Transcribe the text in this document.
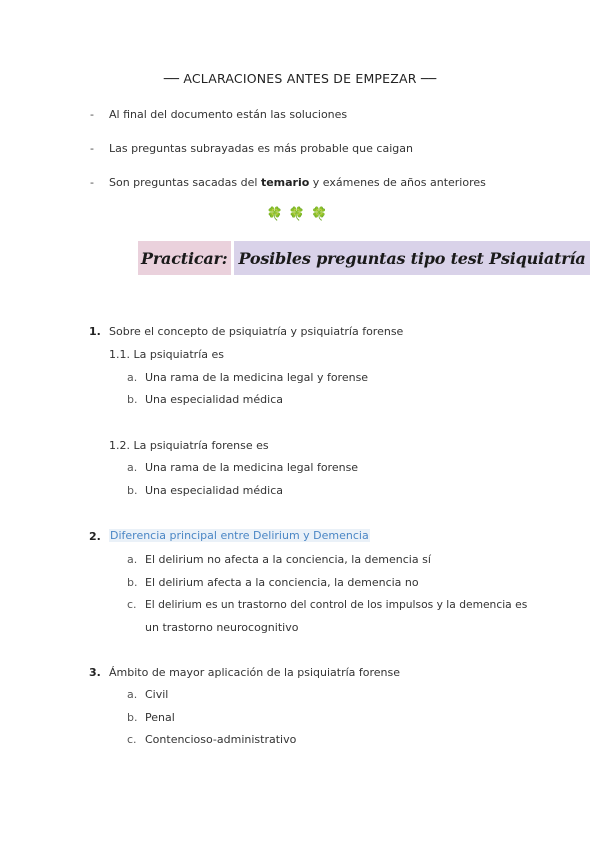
── ACLARACIONES ANTES DE EMPEZAR ──
- Al final del documento están las soluciones
- Las preguntas subrayadas es más probable que caigan
- Son preguntas sacadas del temario y exámenes de años anteriores
🍀🍀🍀
Practicar: Posibles preguntas tipo test Psiquiatría
1. Sobre el concepto de psiquiatría y psiquiatría forense
1.1. La psiquiatría es
a. Una rama de la medicina legal y forense
b. Una especialidad médica
1.2. La psiquiatría forense es
a. Una rama de la medicina legal forense
b. Una especialidad médica
2. Diferencia principal entre Delirium y Demencia
a. El delirium no afecta a la conciencia, la demencia sí
b. El delirium afecta a la conciencia, la demencia no
c. El delirium es un trastorno del control de los impulsos y la demencia es
un trastorno neurocognitivo
3. Ámbito de mayor aplicación de la psiquiatría forense
a. Civil
b. Penal
c. Contencioso-administrativo
